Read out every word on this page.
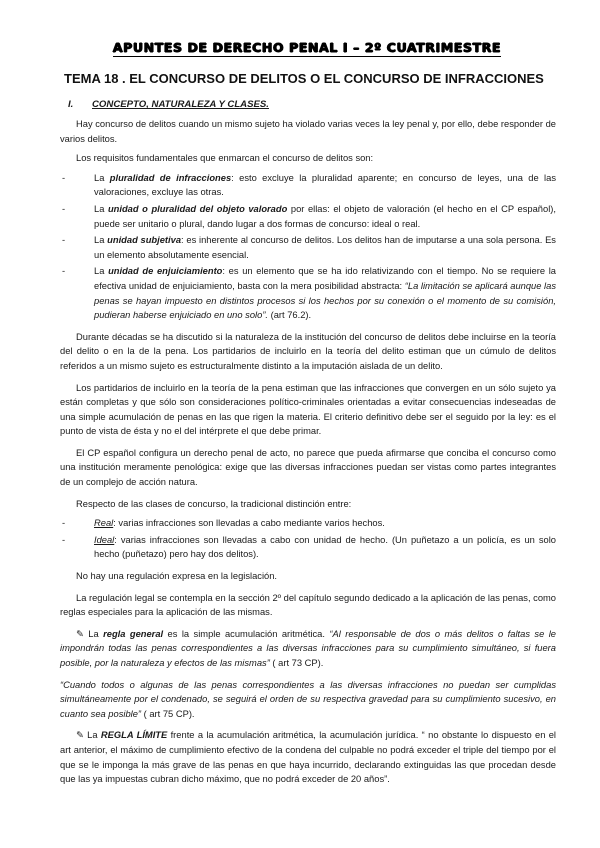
APUNTES DE DERECHO PENAL I – 2º CUATRIMESTRE
TEMA 18 . EL CONCURSO DE DELITOS O EL CONCURSO DE INFRACCIONES
I.	CONCEPTO, NATURALEZA Y CLASES.

Hay concurso de delitos cuando un mismo sujeto ha violado varias veces la ley penal y, por ello, debe responder de varios delitos.

Los requisitos fundamentales que enmarcan el concurso de delitos son:

-	La pluralidad de infracciones: esto excluye la pluralidad aparente; en concurso de leyes, una de las valoraciones, excluye las otras.
-	La unidad o pluralidad del objeto valorado por ellas: el objeto de valoración (el hecho en el CP español), puede ser unitario o plural, dando lugar a dos formas de concurso: ideal o real.
-	La unidad subjetiva: es inherente al concurso de delitos. Los delitos han de imputarse a una sola persona. Es un elemento absolutamente esencial.
-	La unidad de enjuiciamiento: es un elemento que se ha ido relativizando con el tiempo. No se requiere la efectiva unidad de enjuiciamiento, basta con la mera posibilidad abstracta: “La limitación se aplicará aunque las penas se hayan impuesto en distintos procesos si los hechos por su conexión o el momento de su comisión, pudieran haberse enjuiciado en uno solo”. (art 76.2).

Durante décadas se ha discutido si la naturaleza de la institución del concurso de delitos debe incluirse en la teoría del delito o en la de la pena. Los partidarios de incluirlo en la teoría del delito estiman que un cúmulo de delitos referidos a un mismo sujeto es estructuralmente distinto a la imputación aislada de un delito.

Los partidarios de incluirlo en la teoría de la pena estiman que las infracciones que convergen en un sólo sujeto ya están completas y que sólo son consideraciones político-criminales orientadas a evitar consecuencias indeseadas de una simple acumulación de penas en las que rigen la materia. El criterio definitivo debe ser el seguido por la ley: es el punto de vista de ésta y no el del intérprete el que debe primar.

El CP español configura un derecho penal de acto, no parece que pueda afirmarse que conciba el concurso como una institución meramente penológica: exige que las diversas infracciones puedan ser vistas como partes integrantes de un complejo de acción natura.

Respecto de las clases de concurso, la tradicional distinción entre:

-	Real: varias infracciones son llevadas a cabo mediante varios hechos.
-	Ideal: varias infracciones son llevadas a cabo con unidad de hecho. (Un puñetazo a un policía, es un solo hecho (puñetazo) pero hay dos delitos).

No hay una regulación expresa en la legislación.

La regulación legal se contempla en la sección 2º del capítulo segundo dedicado a la aplicación de las penas, como reglas especiales para la aplicación de las mismas.

✎ La regla general es la simple acumulación aritmética. “Al responsable de dos o más delitos o faltas se le impondrán todas las penas correspondientes a las diversas infracciones para su cumplimiento simultáneo, si fuera posible, por la naturaleza y efectos de las mismas” ( art 73 CP).

“Cuando todos o algunas de las penas correspondientes a las diversas infracciones no puedan ser cumplidas simultáneamente por el condenado, se seguirá el orden de su respectiva gravedad para su cumplimiento sucesivo, en cuanto sea posible” ( art 75 CP).

✎ La REGLA LÍMITE frente a la acumulación aritmética, la acumulación jurídica. “ no obstante lo dispuesto en el art anterior, el máximo de cumplimiento efectivo de la condena del culpable no podrá exceder el triple del tiempo por el que se le imponga la más grave de las penas en que haya incurrido, declarando extinguidas las que procedan desde que las ya impuestas cubran dicho máximo, que no podrá exceder de 20 años”.
